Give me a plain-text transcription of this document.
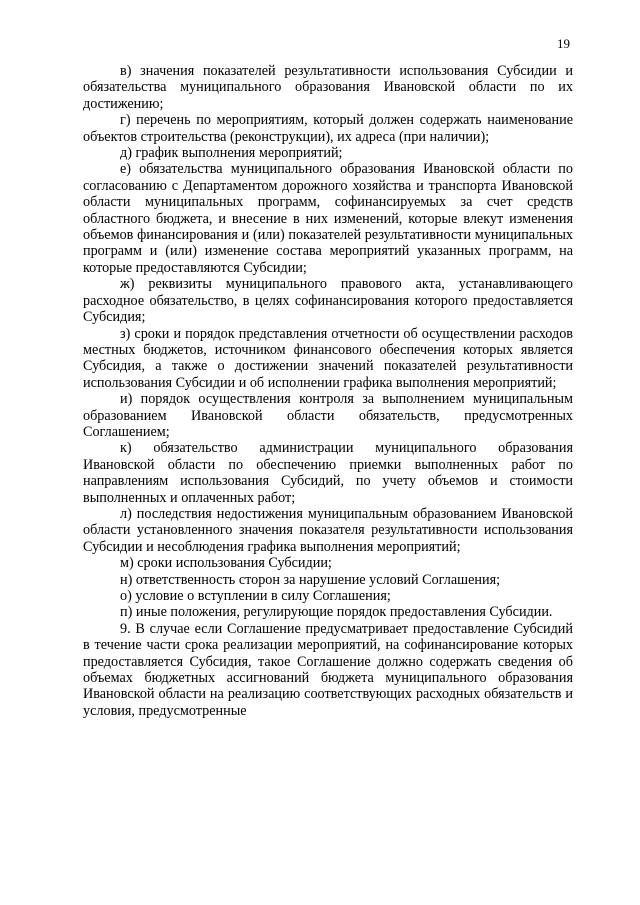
19

в) значения показателей результативности использования Субсидии и обязательства муниципального образования Ивановской области по их достижению;

г) перечень по мероприятиям, который должен содержать наименование объектов строительства (реконструкции), их адреса (при наличии);

д) график выполнения мероприятий;

е) обязательства муниципального образования Ивановской области по согласованию с Департаментом дорожного хозяйства и транспорта Ивановской области муниципальных программ, софинансируемых за счет средств областного бюджета, и внесение в них изменений, которые влекут изменения объемов финансирования и (или) показателей результативности муниципальных программ и (или) изменение состава мероприятий указанных программ, на которые предоставляются Субсидии;

ж) реквизиты муниципального правового акта, устанавливающего расходное обязательство, в целях софинансирования которого предоставляется Субсидия;

з) сроки и порядок представления отчетности об осуществлении расходов местных бюджетов, источником финансового обеспечения которых является Субсидия, а также о достижении значений показателей результативности использования Субсидии и об исполнении графика выполнения мероприятий;

и) порядок осуществления контроля за выполнением муниципальным образованием Ивановской области обязательств, предусмотренных Соглашением;

к) обязательство администрации муниципального образования Ивановской области по обеспечению приемки выполненных работ по направлениям использования Субсидий, по учету объемов и стоимости выполненных и оплаченных работ;

л) последствия недостижения муниципальным образованием Ивановской области установленного значения показателя результативности использования Субсидии и несоблюдения графика выполнения мероприятий;

м) сроки использования Субсидии;

н) ответственность сторон за нарушение условий Соглашения;

о) условие о вступлении в силу Соглашения;

п) иные положения, регулирующие порядок предоставления Субсидии.

9. В случае если Соглашение предусматривает предоставление Субсидий в течение части срока реализации мероприятий, на софинансирование которых предоставляется Субсидия, такое Соглашение должно содержать сведения об объемах бюджетных ассигнований бюджета муниципального образования Ивановской области на реализацию соответствующих расходных обязательств и условия, предусмотренные
